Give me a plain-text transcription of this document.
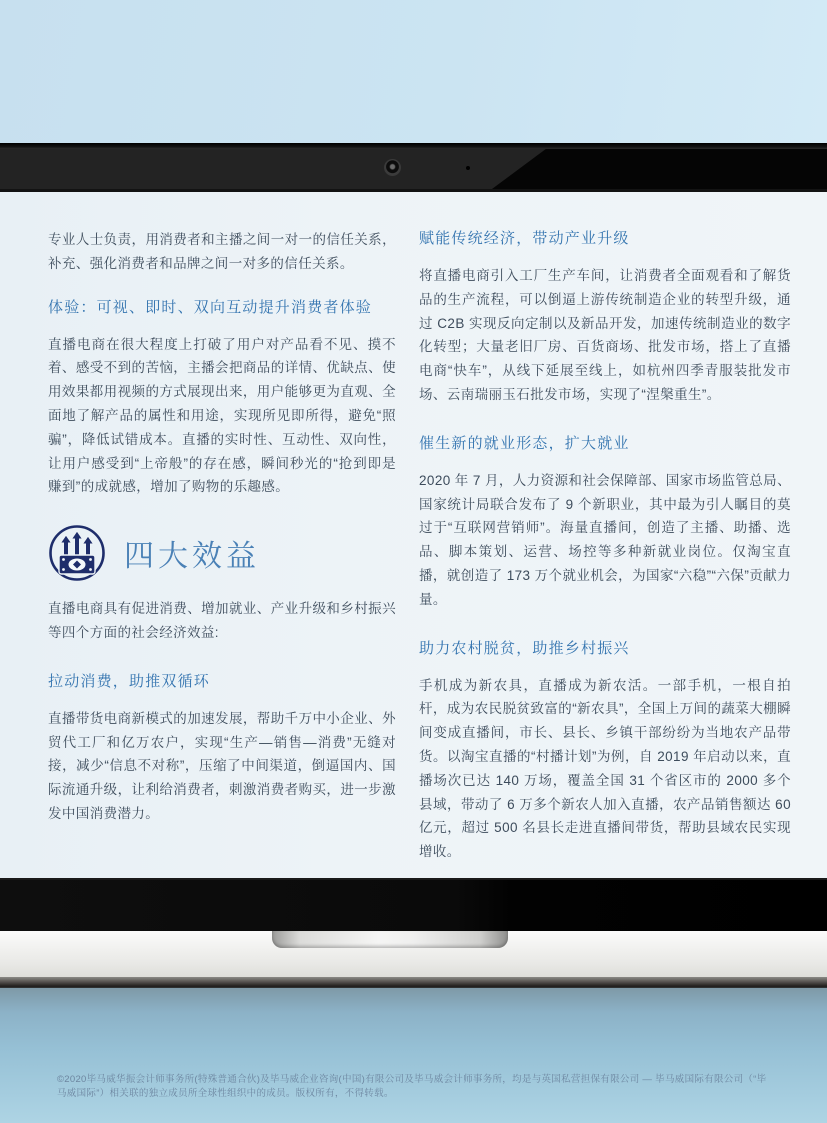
专业人士负责，用消费者和主播之间一对一的信任关系，补充、强化消费者和品牌之间一对多的信任关系。

体验：可视、即时、双向互动提升消费者体验

直播电商在很大程度上打破了用户对产品看不见、摸不着、感受不到的苦恼，主播会把商品的详情、优缺点、使用效果都用视频的方式展现出来，用户能够更为直观、全面地了解产品的属性和用途，实现所见即所得，避免“照骗”，降低试错成本。直播的实时性、互动性、双向性，让用户感受到“上帝般”的存在感，瞬间秒光的“抢到即是赚到”的成就感，增加了购物的乐趣感。

四大效益

直播电商具有促进消费、增加就业、产业升级和乡村振兴等四个方面的社会经济效益:

拉动消费，助推双循环

直播带货电商新模式的加速发展，帮助千万中小企业、外贸代工厂和亿万农户，实现“生产—销售—消费”无缝对接，减少“信息不对称”，压缩了中间渠道，倒逼国内、国际流通升级，让利给消费者，刺激消费者购买，进一步激发中国消费潜力。

赋能传统经济，带动产业升级

将直播电商引入工厂生产车间，让消费者全面观看和了解货品的生产流程，可以倒逼上游传统制造企业的转型升级，通过 C2B 实现反向定制以及新品开发，加速传统制造业的数字化转型；大量老旧厂房、百货商场、批发市场，搭上了直播电商“快车”，从线下延展至线上，如杭州四季青服装批发市场、云南瑞丽玉石批发市场，实现了“涅槃重生”。

催生新的就业形态，扩大就业

2020 年 7 月，人力资源和社会保障部、国家市场监管总局、国家统计局联合发布了 9 个新职业，其中最为引人瞩目的莫过于“互联网营销师”。海量直播间，创造了主播、助播、选品、脚本策划、运营、场控等多种新就业岗位。仅淘宝直播，就创造了 173 万个就业机会，为国家“六稳”“六保”贡献力量。

助力农村脱贫，助推乡村振兴

手机成为新农具，直播成为新农活。一部手机，一根自拍杆，成为农民脱贫致富的“新农具”，全国上万间的蔬菜大棚瞬间变成直播间，市长、县长、乡镇干部纷纷为当地农产品带货。以淘宝直播的“村播计划”为例，自 2019 年启动以来，直播场次已达 140 万场，覆盖全国 31 个省区市的 2000 多个县域，带动了 6 万多个新农人加入直播，农产品销售额达 60 亿元，超过 500 名县长走进直播间带货，帮助县域农民实现增收。

©2020毕马威华振会计师事务所(特殊普通合伙)及毕马威企业咨询(中国)有限公司及毕马威会计师事务所，均是与英国私营担保有限公司 — 毕马威国际有限公司（“毕马威国际”）相关联的独立成员所全球性组织中的成员。版权所有，不得转载。
